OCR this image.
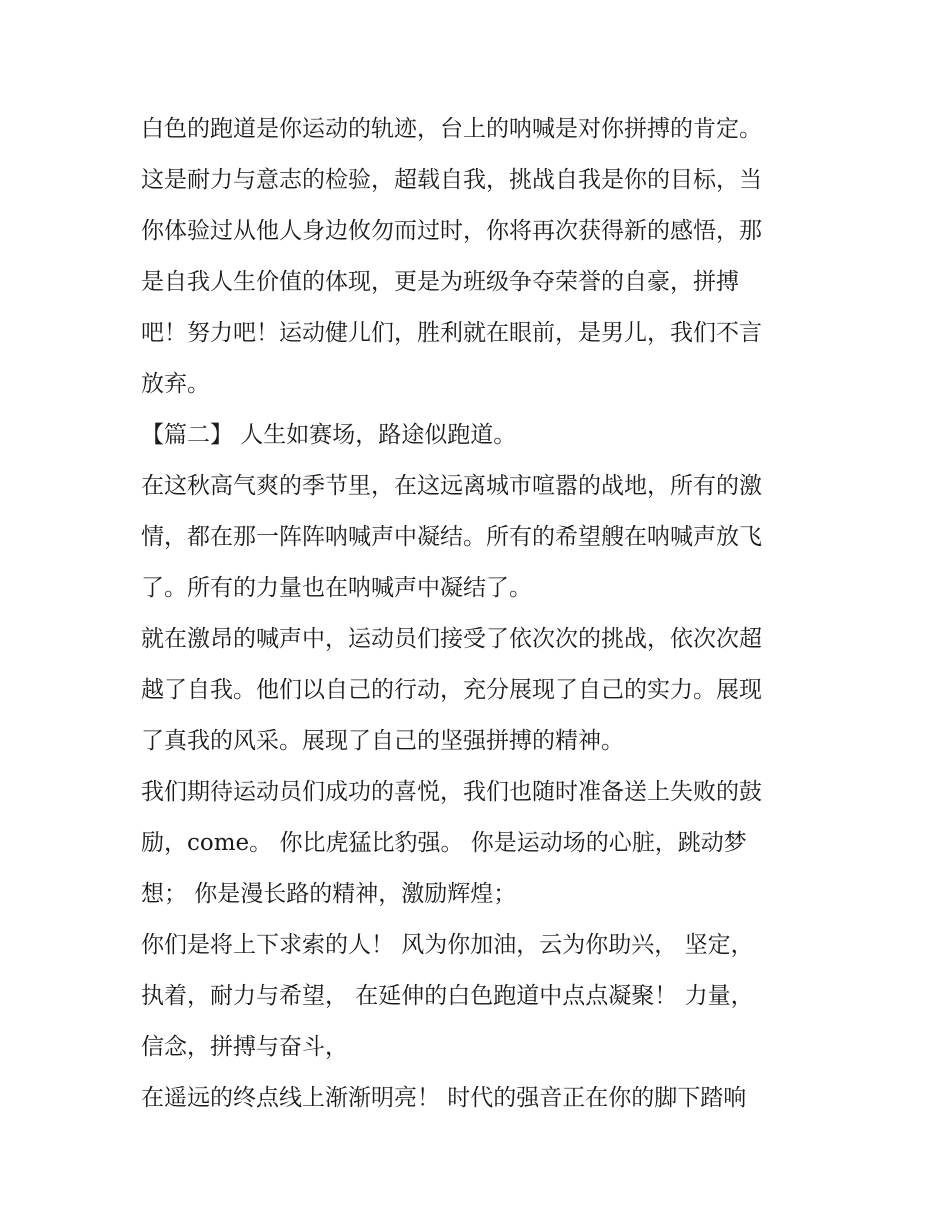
白色的跑道是你运动的轨迹，台上的呐喊是对你拼搏的肯定。
这是耐力与意志的检验，超载自我，挑战自我是你的目标，当
你体验过从他人身边攸勿而过时，你将再次获得新的感悟，那
是自我人生价值的体现，更是为班级争夺荣誉的自豪，拼搏
吧！努力吧！运动健儿们，胜利就在眼前，是男儿，我们不言
放弃。
【篇二】 人生如赛场，路途似跑道。
在这秋高气爽的季节里，在这远离城市喧嚣的战地，所有的激
情，都在那一阵阵呐喊声中凝结。所有的希望艘在呐喊声放飞
了。所有的力量也在呐喊声中凝结了。
就在激昂的喊声中，运动员们接受了依次次的挑战，依次次超
越了自我。他们以自己的行动，充分展现了自己的实力。展现
了真我的风采。展现了自己的坚强拼搏的精神。
我们期待运动员们成功的喜悦，我们也随时准备送上失败的鼓
励，come。 你比虎猛比豹强。 你是运动场的心脏，跳动梦
想； 你是漫长路的精神，激励辉煌；
你们是将上下求索的人！ 风为你加油，云为你助兴， 坚定，
执着，耐力与希望， 在延伸的白色跑道中点点凝聚！ 力量，
信念，拼搏与奋斗，
在遥远的终点线上渐渐明亮！ 时代的强音正在你的脚下踏响
